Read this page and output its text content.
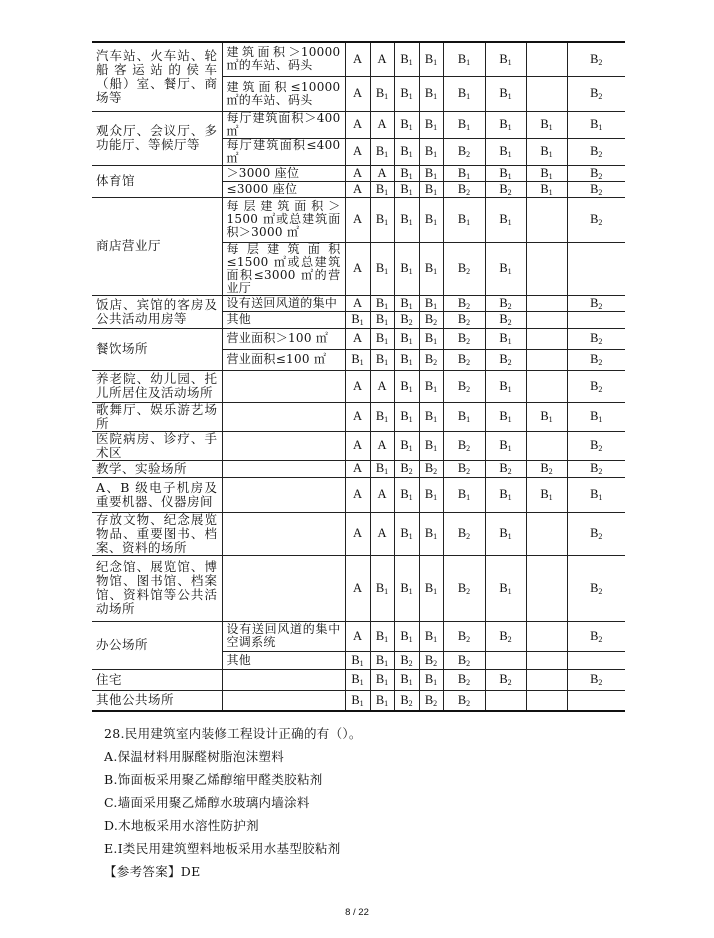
汽车站、火车站、轮船客运站的侯车（船）室、餐厅、商场等	建筑面积＞10000 ㎡的车站、码头	A	A	$B_1$	$B_1$	$B_1$	$B_1$		$B_2$
	建筑面积≤10000 ㎡的车站、码头	A	$B_1$	$B_1$	$B_1$	$B_1$	$B_1$		$B_2$
观众厅、会议厅、多功能厅、等候厅等	每厅建筑面积＞400 ㎡	A	A	$B_1$	$B_1$	$B_1$	$B_1$	$B_1$	$B_1$
	每厅建筑面积≤400 ㎡	A	$B_1$	$B_1$	$B_1$	$B_2$	$B_1$	$B_1$	$B_2$
体育馆	＞3000 座位	A	A	$B_1$	$B_1$	$B_1$	$B_1$	$B_1$	$B_2$
	≤3000 座位	A	$B_1$	$B_1$	$B_1$	$B_2$	$B_2$	$B_1$	$B_2$
商店营业厅	每层建筑面积＞1500 ㎡或总建筑面积＞3000 ㎡	A	$B_1$	$B_1$	$B_1$	$B_1$	$B_1$		$B_2$
	每层建筑面积≤1500 ㎡或总建筑面积≤3000 ㎡的营业厅	A	$B_1$	$B_1$	$B_1$	$B_2$	$B_1$		
饭店、宾馆的客房及公共活动用房等	设有送回风道的集中	A	$B_1$	$B_1$	$B_1$	$B_2$	$B_2$		$B_2$
	其他	$B_1$	$B_1$	$B_2$	$B_2$	$B_2$	$B_2$		
餐饮场所	营业面积＞100 ㎡	A	$B_1$	$B_1$	$B_1$	$B_2$	$B_1$		$B_2$
	营业面积≤100 ㎡	$B_1$	$B_1$	$B_1$	$B_2$	$B_2$	$B_2$		$B_2$
养老院、幼儿园、托儿所居住及活动场所		A	A	$B_1$	$B_1$	$B_2$	$B_1$		$B_2$
歌舞厅、娱乐游艺场所		A	$B_1$	$B_1$	$B_1$	$B_1$	$B_1$	$B_1$	$B_1$
医院病房、诊疗、手术区		A	A	$B_1$	$B_1$	$B_2$	$B_1$		$B_2$
教学、实验场所		A	$B_1$	$B_2$	$B_2$	$B_2$	$B_2$	$B_2$	$B_2$
A、B 级电子机房及重要机器、仪器房间		A	A	$B_1$	$B_1$	$B_1$	$B_1$	$B_1$	$B_1$
存放文物、纪念展览物品、重要图书、档案、资料的场所		A	A	$B_1$	$B_1$	$B_2$	$B_1$		$B_2$
纪念馆、展览馆、博物馆、图书馆、档案馆、资料馆等公共活动场所		A	$B_1$	$B_1$	$B_1$	$B_2$	$B_1$		$B_2$
办公场所	设有送回风道的集中空调系统	A	$B_1$	$B_1$	$B_1$	$B_2$	$B_2$		$B_2$
	其他	$B_1$	$B_1$	$B_2$	$B_2$	$B_2$			
住宅		$B_1$	$B_1$	$B_1$	$B_1$	$B_2$	$B_2$		$B_2$
其他公共场所		$B_1$	$B_1$	$B_2$	$B_2$	$B_2$			
28.民用建筑室内装修工程设计正确的有（）。
A.保温材料用脲醛树脂泡沫塑料
B.饰面板采用聚乙烯醇缩甲醛类胶粘剂
C.墙面采用聚乙烯醇水玻璃内墙涂料
D.木地板采用水溶性防护剂
E.I类民用建筑塑料地板采用水基型胶粘剂
【参考答案】DE
8 / 22
